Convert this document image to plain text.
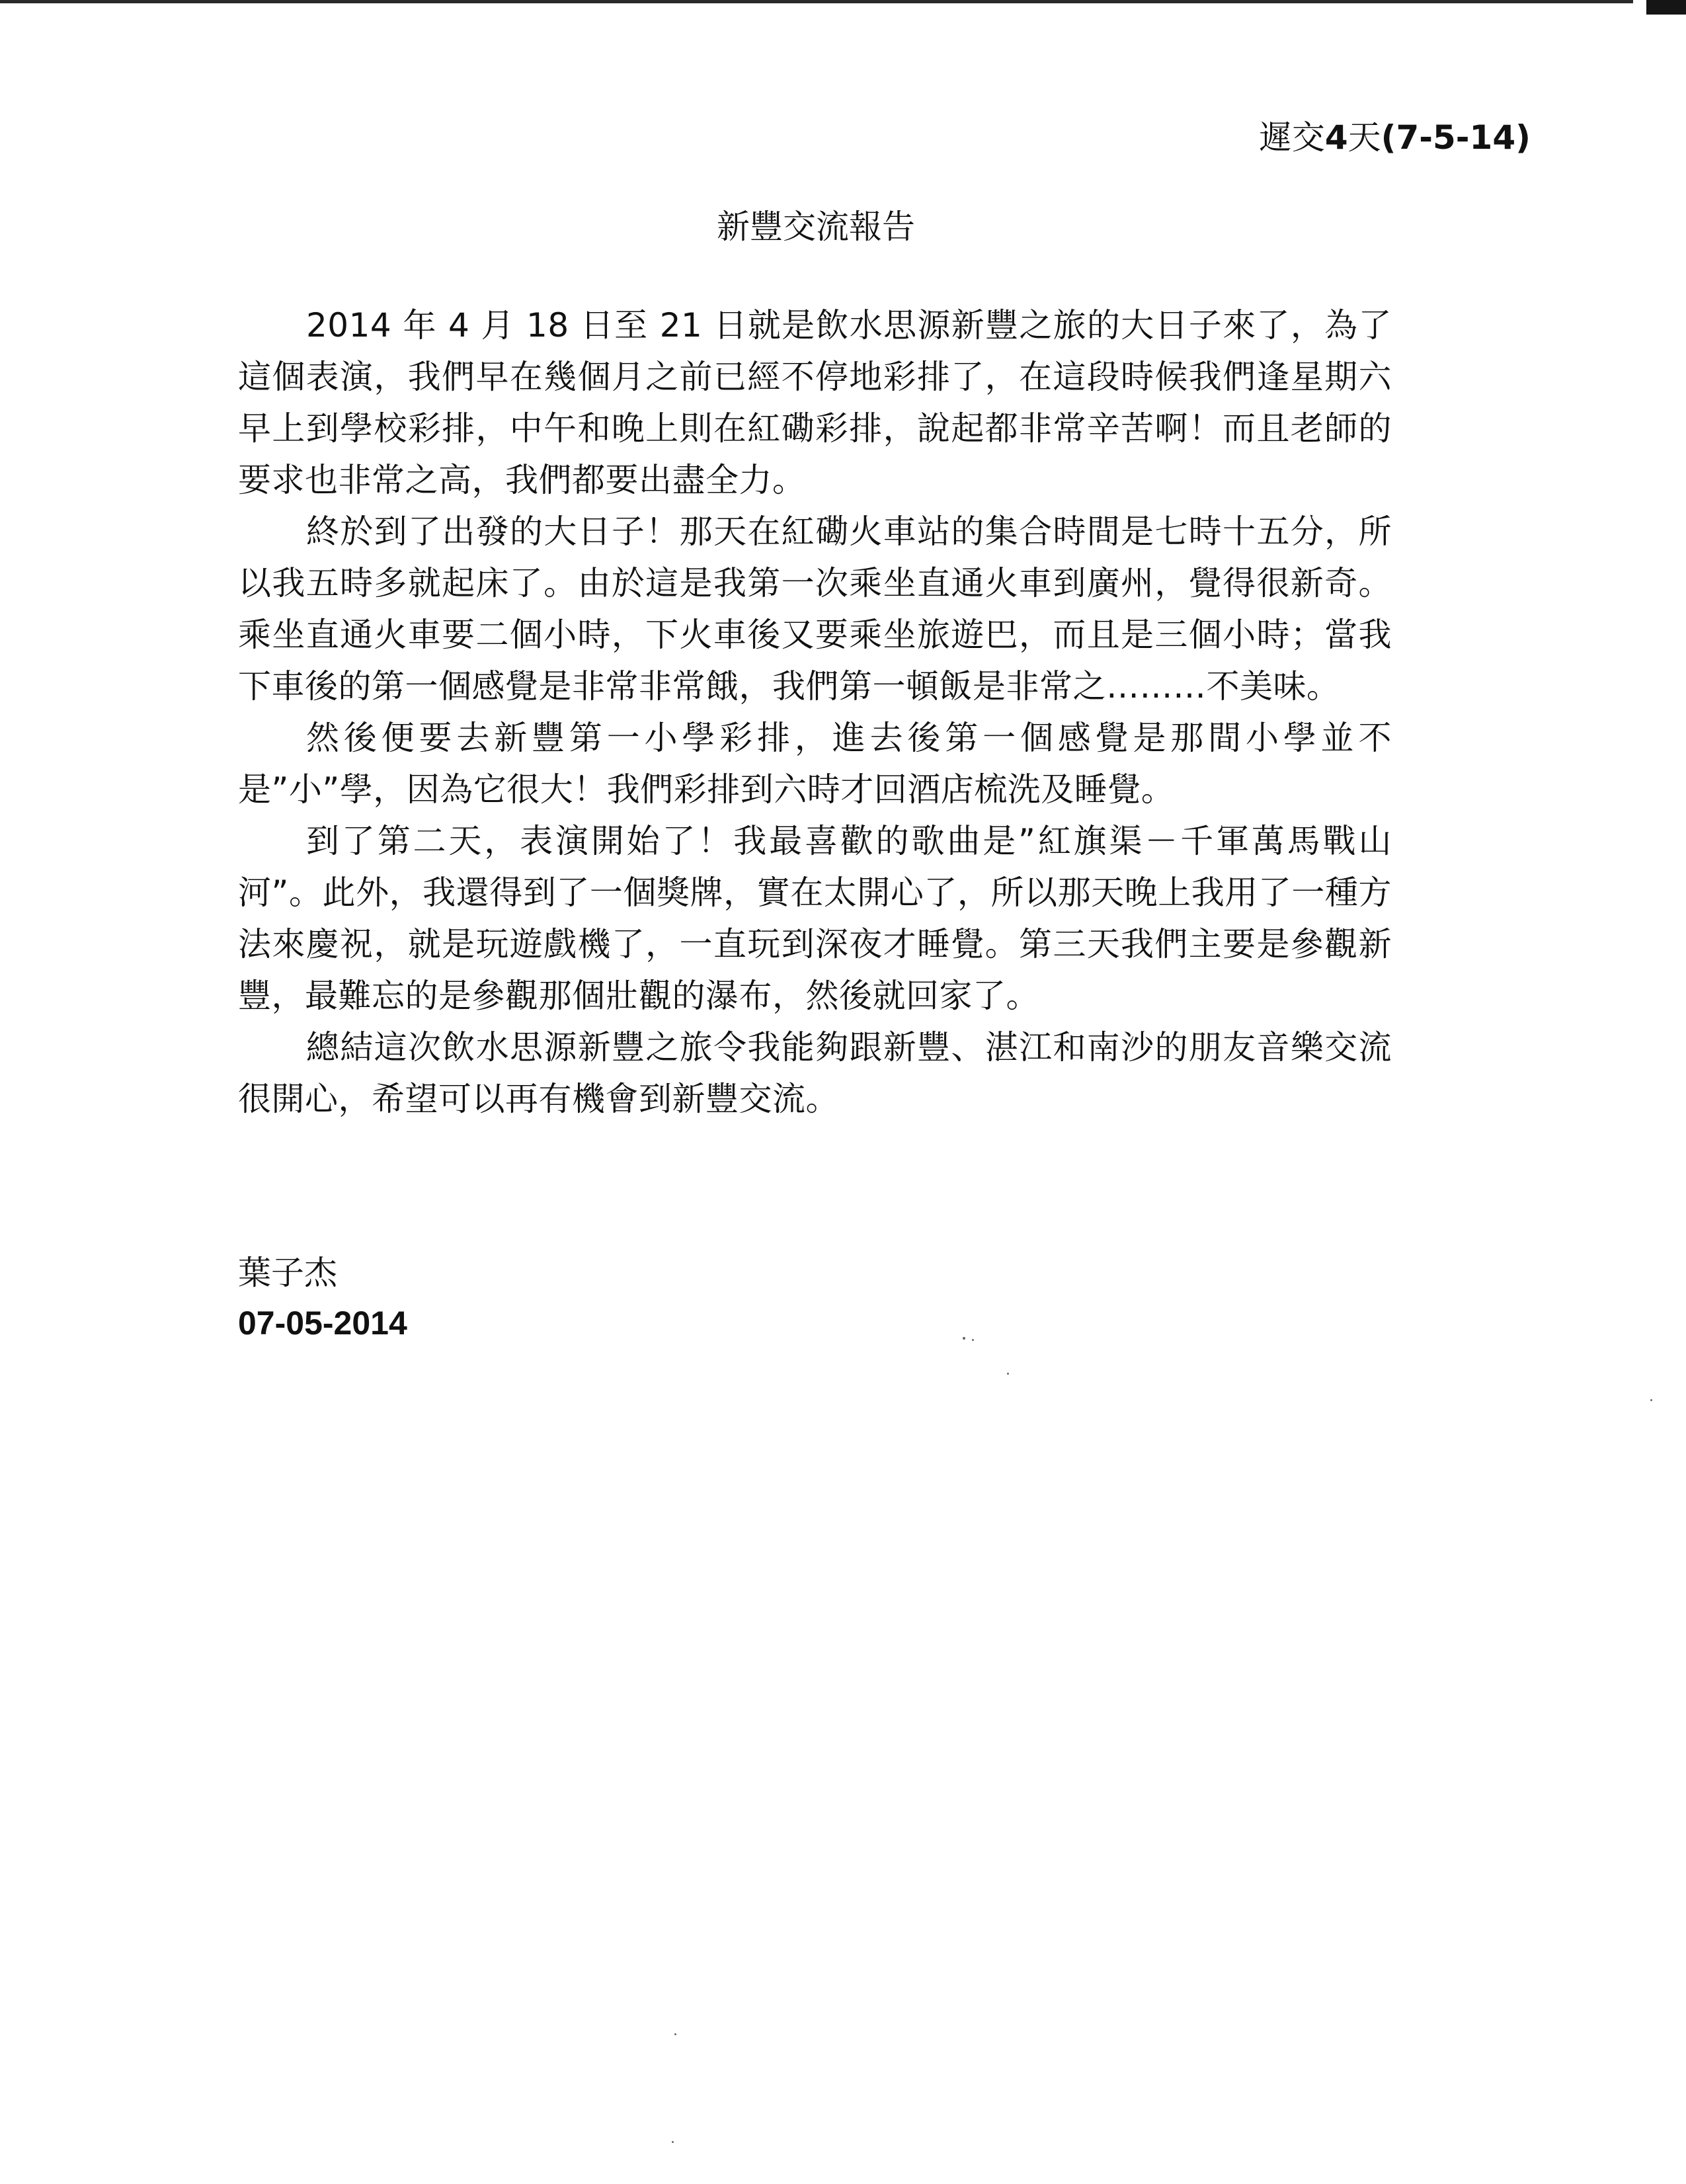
遲交4天(7-5-14)
新豐交流報告

2014 年 4 月 18 日至 21 日就是飲水思源新豐之旅的大日子來了，為了這個表演，我們早在幾個月之前已經不停地彩排了，在這段時候我們逢星期六早上到學校彩排，中午和晚上則在紅磡彩排，說起都非常辛苦啊！而且老師的要求也非常之高，我們都要出盡全力。

終於到了出發的大日子！那天在紅磡火車站的集合時間是七時十五分，所以我五時多就起床了。由於這是我第一次乘坐直通火車到廣州，覺得很新奇。乘坐直通火車要二個小時，下火車後又要乘坐旅遊巴，而且是三個小時；當我下車後的第一個感覺是非常非常餓，我們第一頓飯是非常之………不美味。

然後便要去新豐第一小學彩排，進去後第一個感覺是那間小學並不是”小”學，因為它很大！我們彩排到六時才回酒店梳洗及睡覺。

到了第二天，表演開始了！我最喜歡的歌曲是”紅旗渠－千軍萬馬戰山河”。此外，我還得到了一個獎牌，實在太開心了，所以那天晚上我用了一種方法來慶祝，就是玩遊戲機了，一直玩到深夜才睡覺。第三天我們主要是參觀新豐，最難忘的是參觀那個壯觀的瀑布，然後就回家了。

總結這次飲水思源新豐之旅令我能夠跟新豐、湛江和南沙的朋友音樂交流很開心，希望可以再有機會到新豐交流。

葉子杰
07-05-2014
